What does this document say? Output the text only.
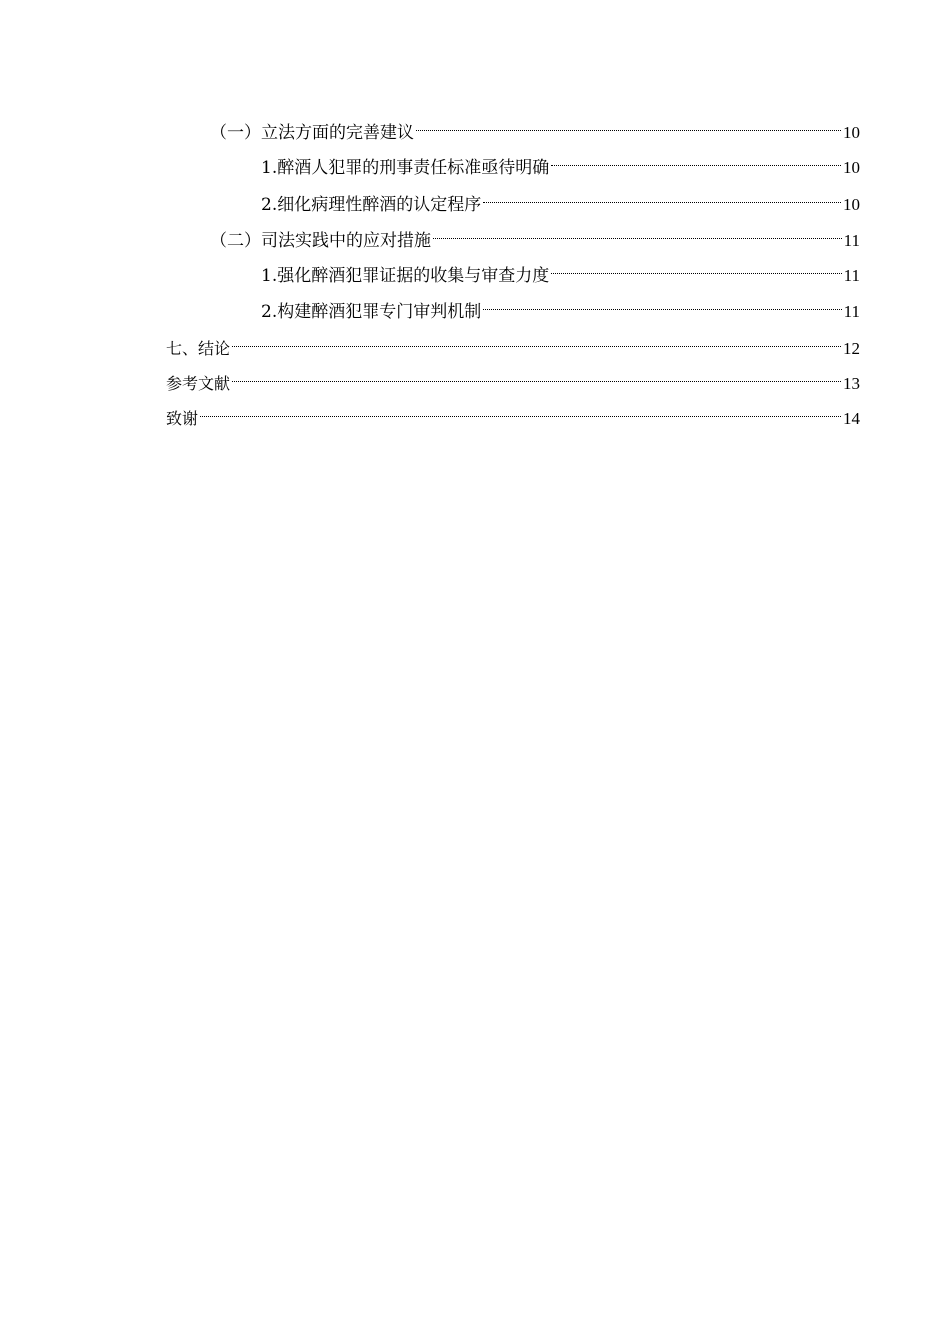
（一）立法方面的完善建议	10
1.醉酒人犯罪的刑事责任标准亟待明确	10
2.细化病理性醉酒的认定程序	10
（二）司法实践中的应对措施	11
1.强化醉酒犯罪证据的收集与审查力度	11
2.构建醉酒犯罪专门审判机制	11
七、结论	12
参考文献	13
致谢	14
